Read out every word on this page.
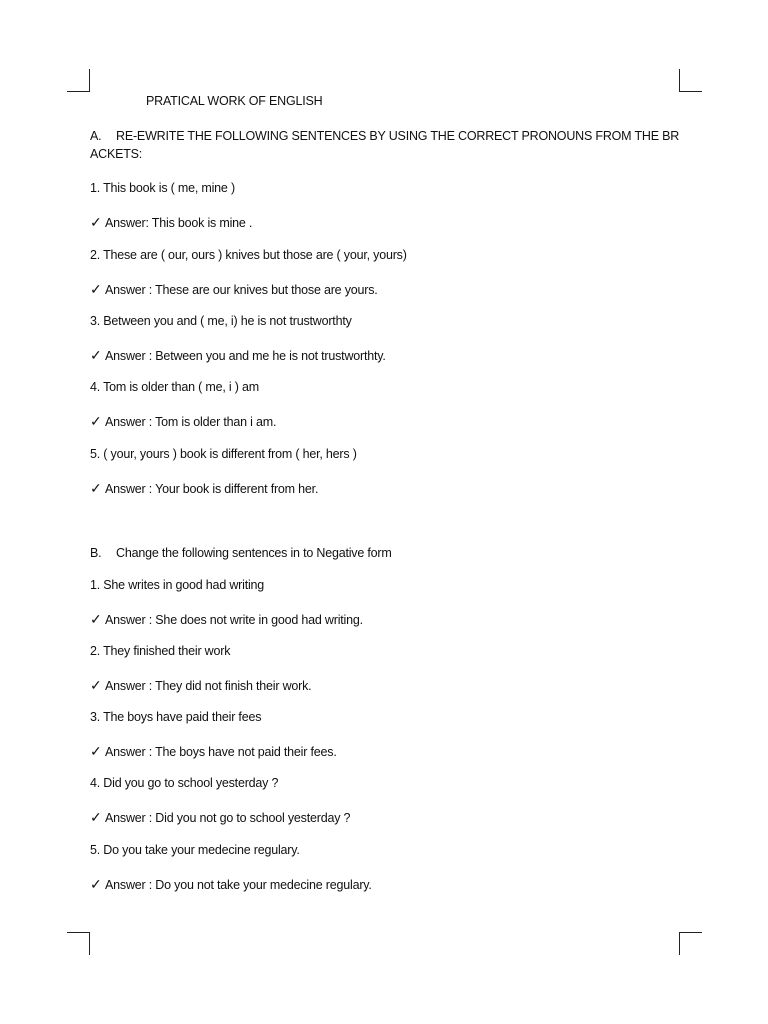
PRATICAL WORK OF ENGLISH
A. RE-EWRITE THE FOLLOWING SENTENCES BY USING THE CORRECT PRONOUNS FROM THE BR
ACKETS:
1. This book is ( me, mine )
✓ Answer: This book is mine .
2. These are ( our, ours ) knives but those are ( your, yours)
✓ Answer : These are our knives but those are yours.
3. Between you and ( me, i) he is not trustworthty
✓ Answer : Between you and me he is not trustworthty.
4. Tom is older than ( me, i ) am
✓ Answer : Tom is older than i am.
5. ( your, yours ) book is different from ( her, hers )
✓ Answer : Your book is different from her.
B. Change the following sentences in to Negative form
1. She writes in good had writing
✓ Answer : She does not write in good had writing.
2. They finished their work
✓ Answer : They did not finish their work.
3. The boys have paid their fees
✓ Answer : The boys have not paid their fees.
4. Did you go to school yesterday ?
✓ Answer : Did you not go to school yesterday ?
5. Do you take your medecine regulary.
✓ Answer : Do you not take your medecine regulary.
